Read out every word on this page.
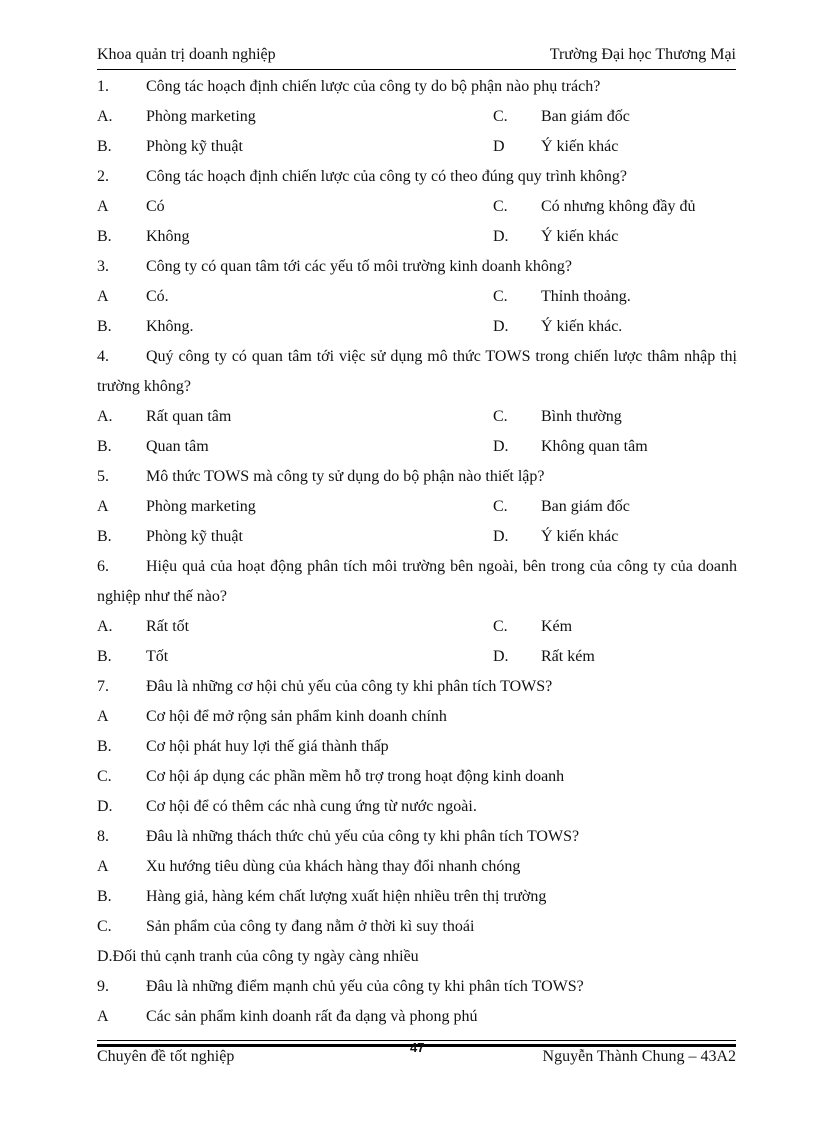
Khoa quản trị doanh nghiệp	Trường Đại học Thương Mại
1. Công tác hoạch định chiến lược của công ty do bộ phận nào phụ trách?
A. Phòng marketing	C. Ban giám đốc
B. Phòng kỹ thuật	D Ý kiến khác
2. Công tác hoạch định chiến lược của công ty có theo đúng quy trình không?
A Có	C. Có nhưng không đầy đủ
B. Không	D. Ý kiến khác
3. Công ty có quan tâm tới các yếu tố môi trường kinh doanh không?
A Có.	C. Thỉnh thoảng.
B. Không.	D. Ý kiến khác.
4.	Quý công ty có quan tâm tới việc sử dụng mô thức TOWS trong chiến lược thâm nhập thị trường không?
A. Rất quan tâm	C. Bình thường
B. Quan tâm	D. Không quan tâm
5. Mô thức TOWS mà công ty sử dụng do bộ phận nào thiết lập?
A Phòng marketing	C. Ban giám đốc
B. Phòng kỹ thuật	D. Ý kiến khác
6.	Hiệu quả của hoạt động phân tích môi trường bên ngoài, bên trong của công ty của doanh nghiệp như thế nào?
A. Rất tốt	C. Kém
B. Tốt	D. Rất kém
7. Đâu là những cơ hội chủ yếu của công ty khi phân tích TOWS?
A Cơ hội để mở rộng sản phẩm kinh doanh chính
B. Cơ hội phát huy lợi thế giá thành thấp
C. Cơ hội áp dụng các phần mềm hỗ trợ trong hoạt động kinh doanh
D. Cơ hội để có thêm các nhà cung ứng từ nước ngoài.
8. Đâu là những thách thức chủ yếu của công ty khi phân tích TOWS?
A Xu hướng tiêu dùng của khách hàng thay đổi nhanh chóng
B. Hàng giả, hàng kém chất lượng xuất hiện nhiều trên thị trường
C. Sản phẩm của công ty đang nằm ở thời kì suy thoái
D.Đối thủ cạnh tranh của công ty ngày càng nhiều
9. Đâu là những điểm mạnh chủ yếu của công ty khi phân tích TOWS?
A Các sản phẩm kinh doanh rất đa dạng và phong phú
Chuyên đề tốt nghiệp
47
Nguyễn Thành Chung – 43A2
